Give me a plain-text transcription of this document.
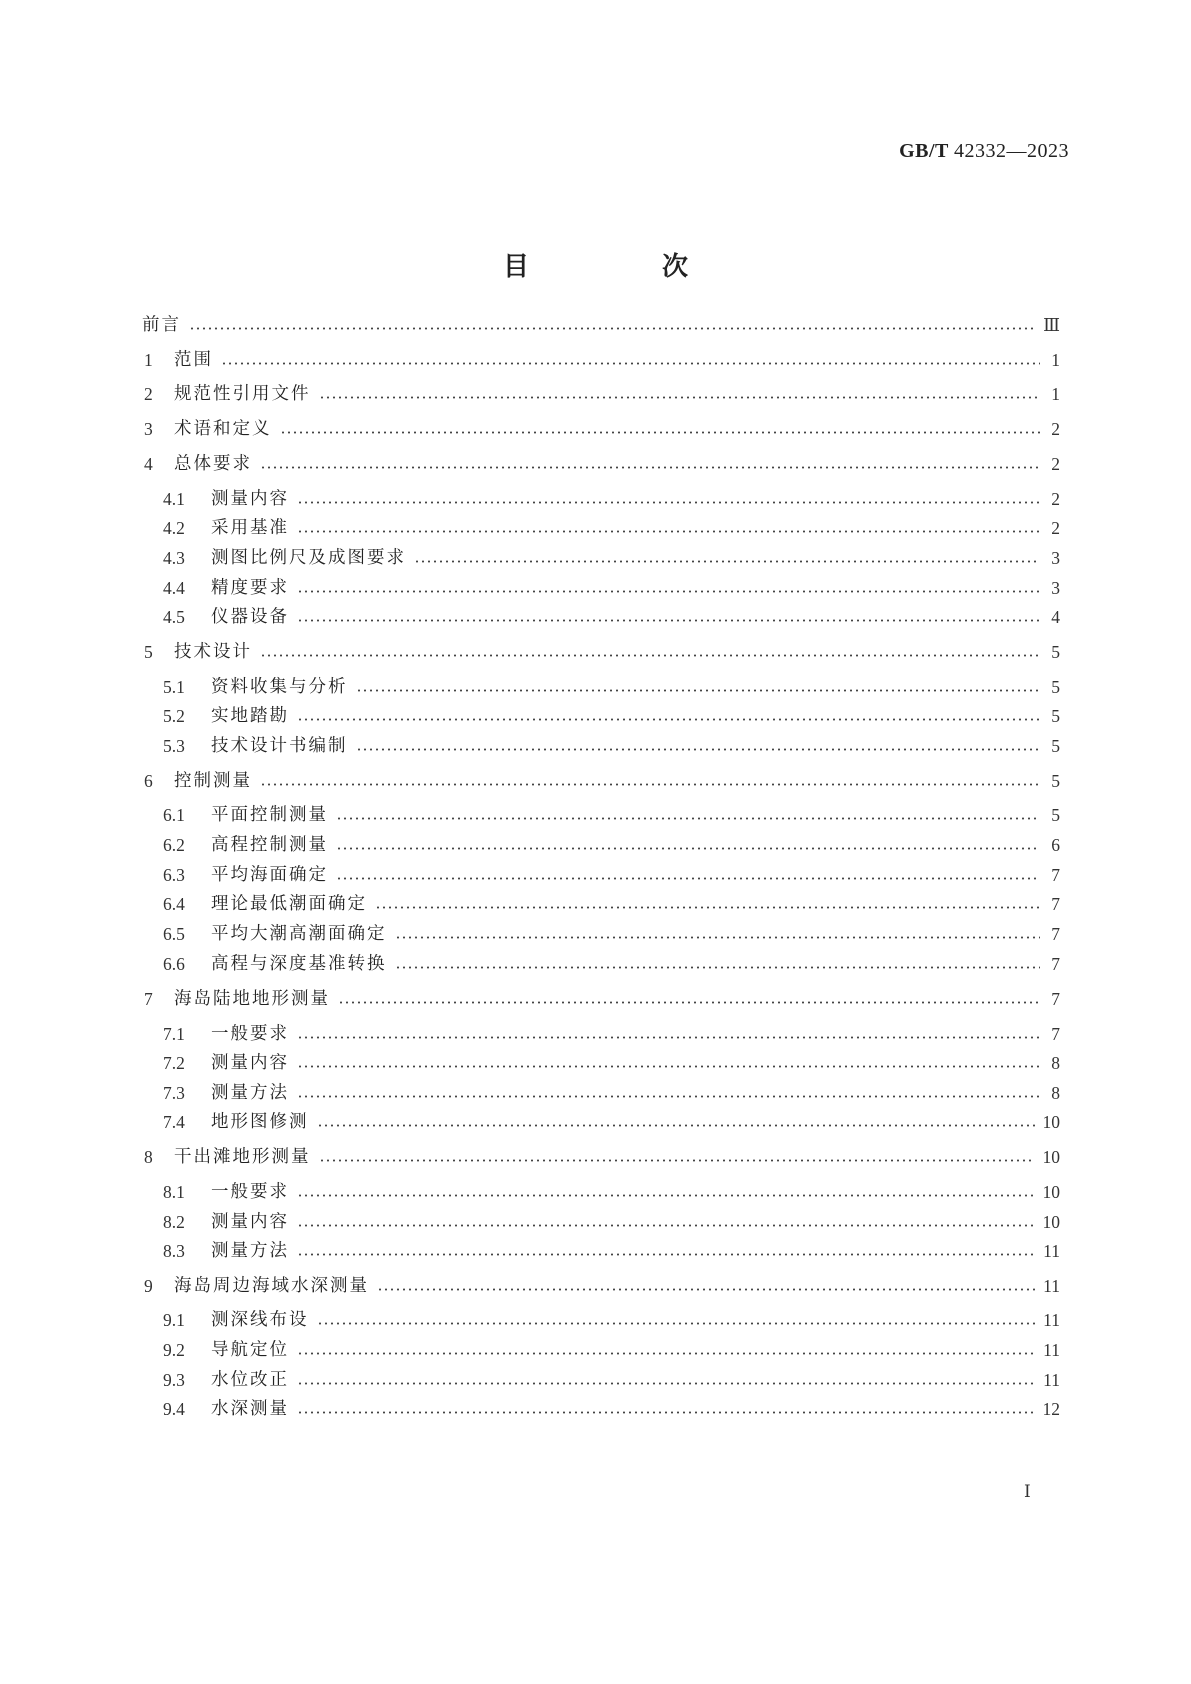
GB/T 42332—2023
目 次
前言	Ⅲ
1	范围	1
2	规范性引用文件	1
3	术语和定义	2
4	总体要求	2
4.1	测量内容	2
4.2	采用基准	2
4.3	测图比例尺及成图要求	3
4.4	精度要求	3
4.5	仪器设备	4
5	技术设计	5
5.1	资料收集与分析	5
5.2	实地踏勘	5
5.3	技术设计书编制	5
6	控制测量	5
6.1	平面控制测量	5
6.2	高程控制测量	6
6.3	平均海面确定	7
6.4	理论最低潮面确定	7
6.5	平均大潮高潮面确定	7
6.6	高程与深度基准转换	7
7	海岛陆地地形测量	7
7.1	一般要求	7
7.2	测量内容	8
7.3	测量方法	8
7.4	地形图修测	10
8	干出滩地形测量	10
8.1	一般要求	10
8.2	测量内容	10
8.3	测量方法	11
9	海岛周边海域水深测量	11
9.1	测深线布设	11
9.2	导航定位	11
9.3	水位改正	11
9.4	水深测量	12
Ⅰ
